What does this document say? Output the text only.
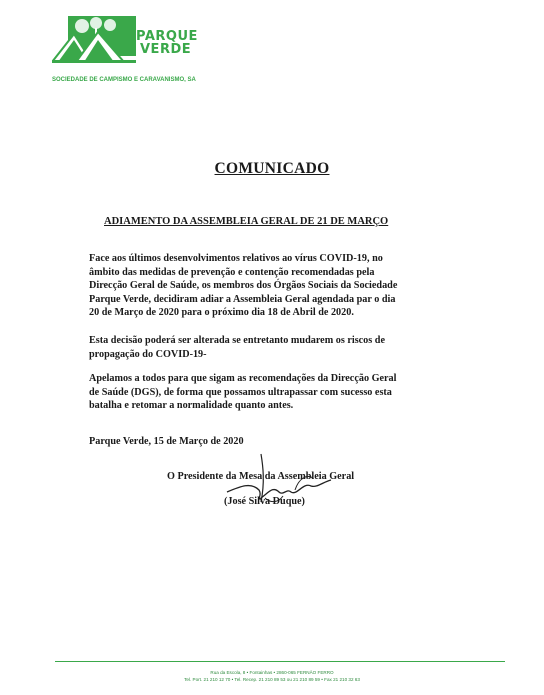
PARQUE
VERDE
SOCIEDADE DE CAMPISMO E CARAVANISMO, SA
COMUNICADO
ADIAMENTO DA ASSEMBLEIA GERAL DE 21 DE MARÇO
Face aos últimos desenvolvimentos relativos ao vírus COVID-19, no
âmbito das medidas de prevenção e contenção recomendadas pela
Direcção Geral de Saúde, os membros dos Órgãos Sociais da Sociedade
Parque Verde, decidiram adiar a Assembleia Geral agendada par o dia
20 de Março de 2020 para o próximo dia 18 de Abril de 2020.
Esta decisão poderá ser alterada se entretanto mudarem os riscos de
propagação do COVID-19-
Apelamos a todos para que sigam as recomendações da Direcção Geral
de Saúde (DGS), de forma que possamos ultrapassar com sucesso esta
batalha e retomar a normalidade quanto antes.
Parque Verde, 15 de Março de 2020
O Presidente da Mesa da Assembleia Geral
(José Silva Duque)
Rua da Escola, 8 • Fontainhas • 2860-065 FERNÃO FERRO
Tel. Port. 21 210 12 70 • Tel. Recep. 21 210 89 53 ou 21 210 89 59 • Fax 21 210 32 63
